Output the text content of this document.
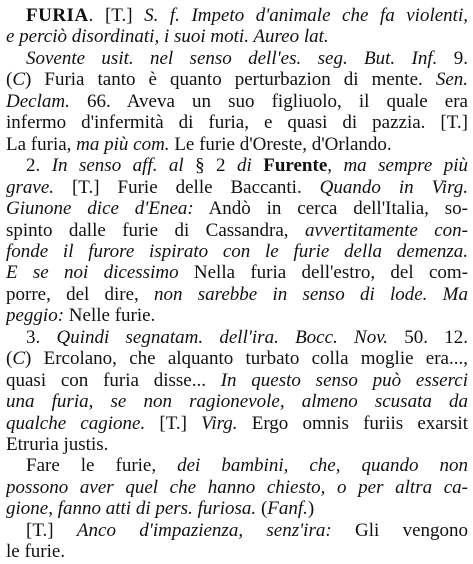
FURIA. [T.] S. f. Impeto d'animale che fa violenti,
e perciò disordinati, i suoi moti. Aureo lat.
Sovente usit. nel senso dell'es. seg. But. Inf. 9.
(C) Furia tanto è quanto perturbazion di mente. Sen.
Declam. 66. Aveva un suo figliuolo, il quale era
infermo d'infermità di furia, e quasi di pazzia. [T.]
La furia, ma più com. Le furie d'Oreste, d'Orlando.
2. In senso aff. al § 2 di Furente, ma sempre più
grave. [T.] Furie delle Baccanti. Quando in Virg.
Giunone dice d'Enea: Andò in cerca dell'Italia, so-
spinto dalle furie di Cassandra, avvertitamente con-
fonde il furore ispirato con le furie della demenza.
E se noi dicessimo Nella furia dell'estro, del com-
porre, del dire, non sarebbe in senso di lode. Ma
peggio: Nelle furie.
3. Quindi segnatam. dell'ira. Bocc. Nov. 50. 12.
(C) Ercolano, che alquanto turbato colla moglie era...,
quasi con furia disse... In questo senso può esserci
una furia, se non ragionevole, almeno scusata da
qualche cagione. [T.] Virg. Ergo omnis furiis exarsit
Etruria justis.
Fare le furie, dei bambini, che, quando non
possono aver quel che hanno chiesto, o per altra ca-
gione, fanno atti di pers. furiosa. (Fanf.)
[T.] Anco d'impazienza, senz'ira: Gli vengono
le furie.
